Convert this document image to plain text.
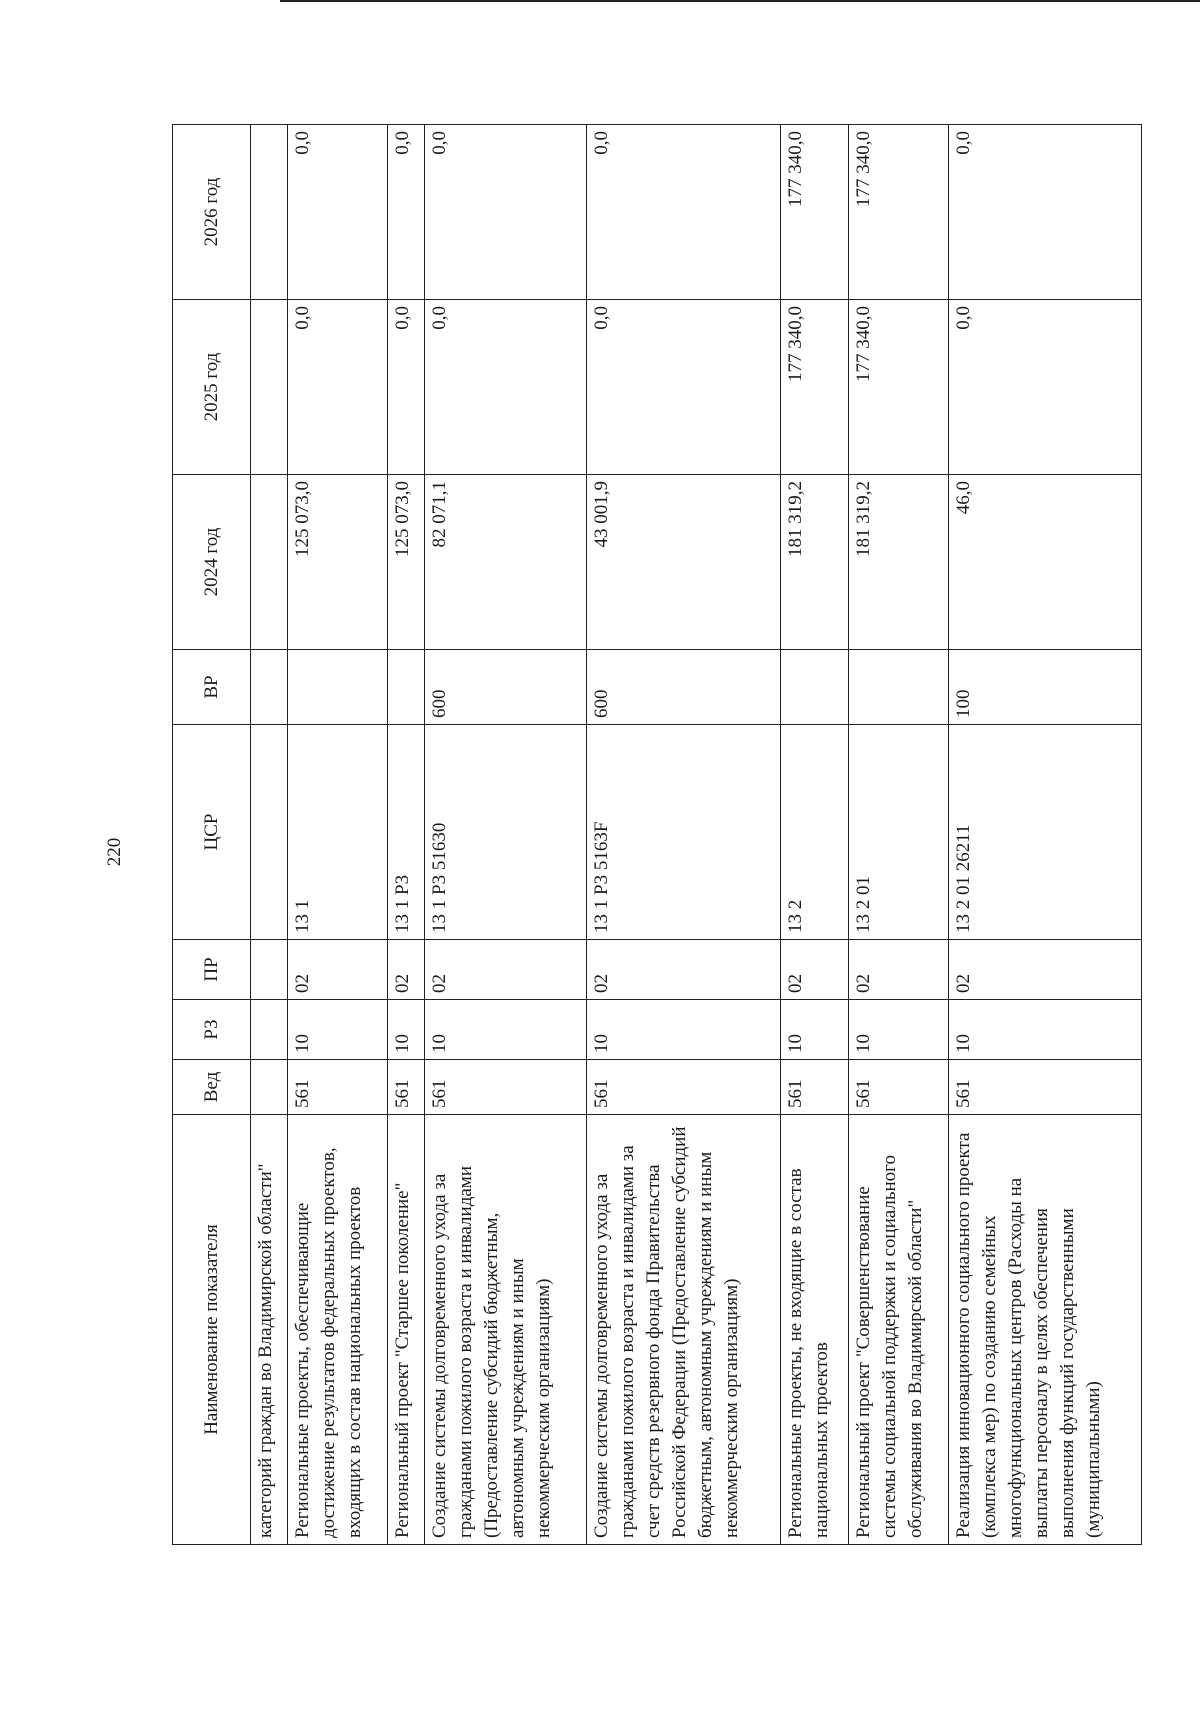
220
Наименование показателя	Вед	РЗ	ПР	ЦСР	ВР	2024 год	2025 год	2026 год
категорий граждан во Владимирской области"								
Региональные проекты, обеспечивающие достижение результатов федеральных проектов, входящих в состав национальных проектов	561	10	02	13 1		125 073,0	0,0	0,0
Региональный проект "Старшее поколение"	561	10	02	13 1 Р3		125 073,0	0,0	0,0
Создание системы долговременного ухода за гражданами пожилого возраста и инвалидами (Предоставление субсидий бюджетным, автономным учреждениям и иным некоммерческим организациям)	561	10	02	13 1 Р3 51630	600	82 071,1	0,0	0,0
Создание системы долговременного ухода за гражданами пожилого возраста и инвалидами за счет средств резервного фонда Правительства Российской Федерации (Предоставление субсидий бюджетным, автономным учреждениям и иным некоммерческим организациям)	561	10	02	13 1 Р3 5163F	600	43 001,9	0,0	0,0
Региональные проекты, не входящие в состав национальных проектов	561	10	02	13 2		181 319,2	177 340,0	177 340,0
Региональный проект "Совершенствование системы социальной поддержки и социального обслуживания во Владимирской области"	561	10	02	13 2 01		181 319,2	177 340,0	177 340,0
Реализация инновационного социального проекта (комплекса мер) по созданию семейных многофункциональных центров (Расходы на выплаты персоналу в целях обеспечения выполнения функций государственными (муниципальными)	561	10	02	13 2 01 26211	100	46,0	0,0	0,0
